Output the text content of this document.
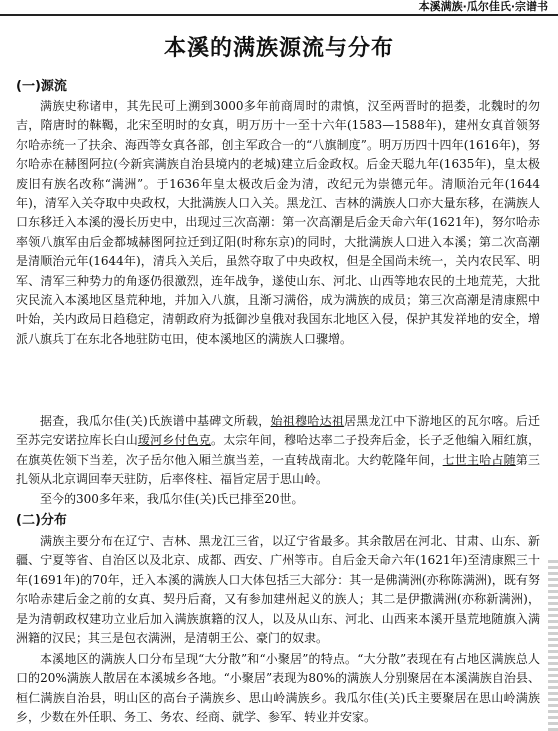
本溪满族·瓜尔佳氏·宗谱书
本溪的满族源流与分布
(一)源流

满族史称诸申，其先民可上溯到3000多年前商周时的肃慎，汉至两晋时的挹娄，北魏时的勿吉，隋唐时的靺鞨，北宋至明时的女真，明万历十一至十六年(1583—1588年)，建州女真首领努尔哈赤统一了扶余、海西等女真各部，创主军政合一的“八旗制度”。明万历四十四年(1616年)，努尔哈赤在赫图阿拉(今新宾满族自治县境内的老城)建立后金政权。后金天聪九年(1635年)，皇太极废旧有族名改称“满洲”。于1636年皇太极改后金为清，改纪元为崇德元年。清顺治元年(1644年)，清军入关夺取中央政权，大批满族人口入关。黑龙江、吉林的满族人口亦大量东移，在满族人口东移迁入本溪的漫长历史中，出现过三次高潮：第一次高潮是后金天命六年(1621年)，努尔哈赤率领八旗军由后金都城赫图阿拉迁到辽阳(时称东京)的同时，大批满族人口进入本溪；第二次高潮是清顺治元年(1644年)，清兵入关后，虽然夺取了中央政权，但是全国尚未统一，关内农民军、明军、清军三种势力的角逐仍很激烈，连年战争，遂使山东、河北、山西等地农民的土地荒芜，大批灾民流入本溪地区垦荒种地，并加入八旗，且渐习满俗，成为满族的成员；第三次高潮是清康熙中叶始，关内政局日趋稳定，清朝政府为抵御沙皇俄对我国东北地区入侵，保护其发祥地的安全，增派八旗兵丁在东北各地驻防屯田，使本溪地区的满族人口骤增。

据查，我瓜尔佳(关)氏族谱中基碑文所载，始祖穆哈达祖居黑龙江中下游地区的瓦尔喀。后迁至苏完安诺拉库长白山瑷河乡付色克。太宗年间，穆哈达率二子投奔后金，长子乏他编入厢红旗，在旗英佐领下当差，次子岳尔他入厢兰旗当差，一直转战南北。大约乾隆年间，七世主哈占随第三扎领从北京调回奉天驻防，后率佟柱、福旨定居于思山岭。

至今的300多年来，我瓜尔佳(关)氏已排至20世。

(二)分布

满族主要分布在辽宁、吉林、黑龙江三省，以辽宁省最多。其余散居在河北、甘肃、山东、新疆、宁夏等省、自治区以及北京、成都、西安、广州等市。自后金天命六年(1621年)至清康熙三十年(1691年)的70年，迁入本溪的满族人口大体包括三大部分：其一是佛满洲(亦称陈满洲)，既有努尔哈赤建后金之前的女真、契丹后裔，又有参加建州起义的族人；其二是伊撒满洲(亦称新满洲)，是为清朝政权建功立业后加入满族旗籍的汉人，以及从山东、河北、山西来本溪开垦荒地随旗入满洲籍的汉民；其三是包衣满洲，是清朝王公、豪门的奴隶。

本溪地区的满族人口分布呈现“大分散”和“小聚居”的特点。“大分散”表现在有占地区满族总人口的20%满族人散居在本溪城乡各地。“小聚居”表现为80%的满族人分别聚居在本溪满族自治县、桓仁满族自治县，明山区的高台子满族乡、思山岭满族乡。我瓜尔佳(关)氏主要聚居在思山岭满族乡，少数在外任职、务工、务农、经商、就学、参军、转业并安家。
